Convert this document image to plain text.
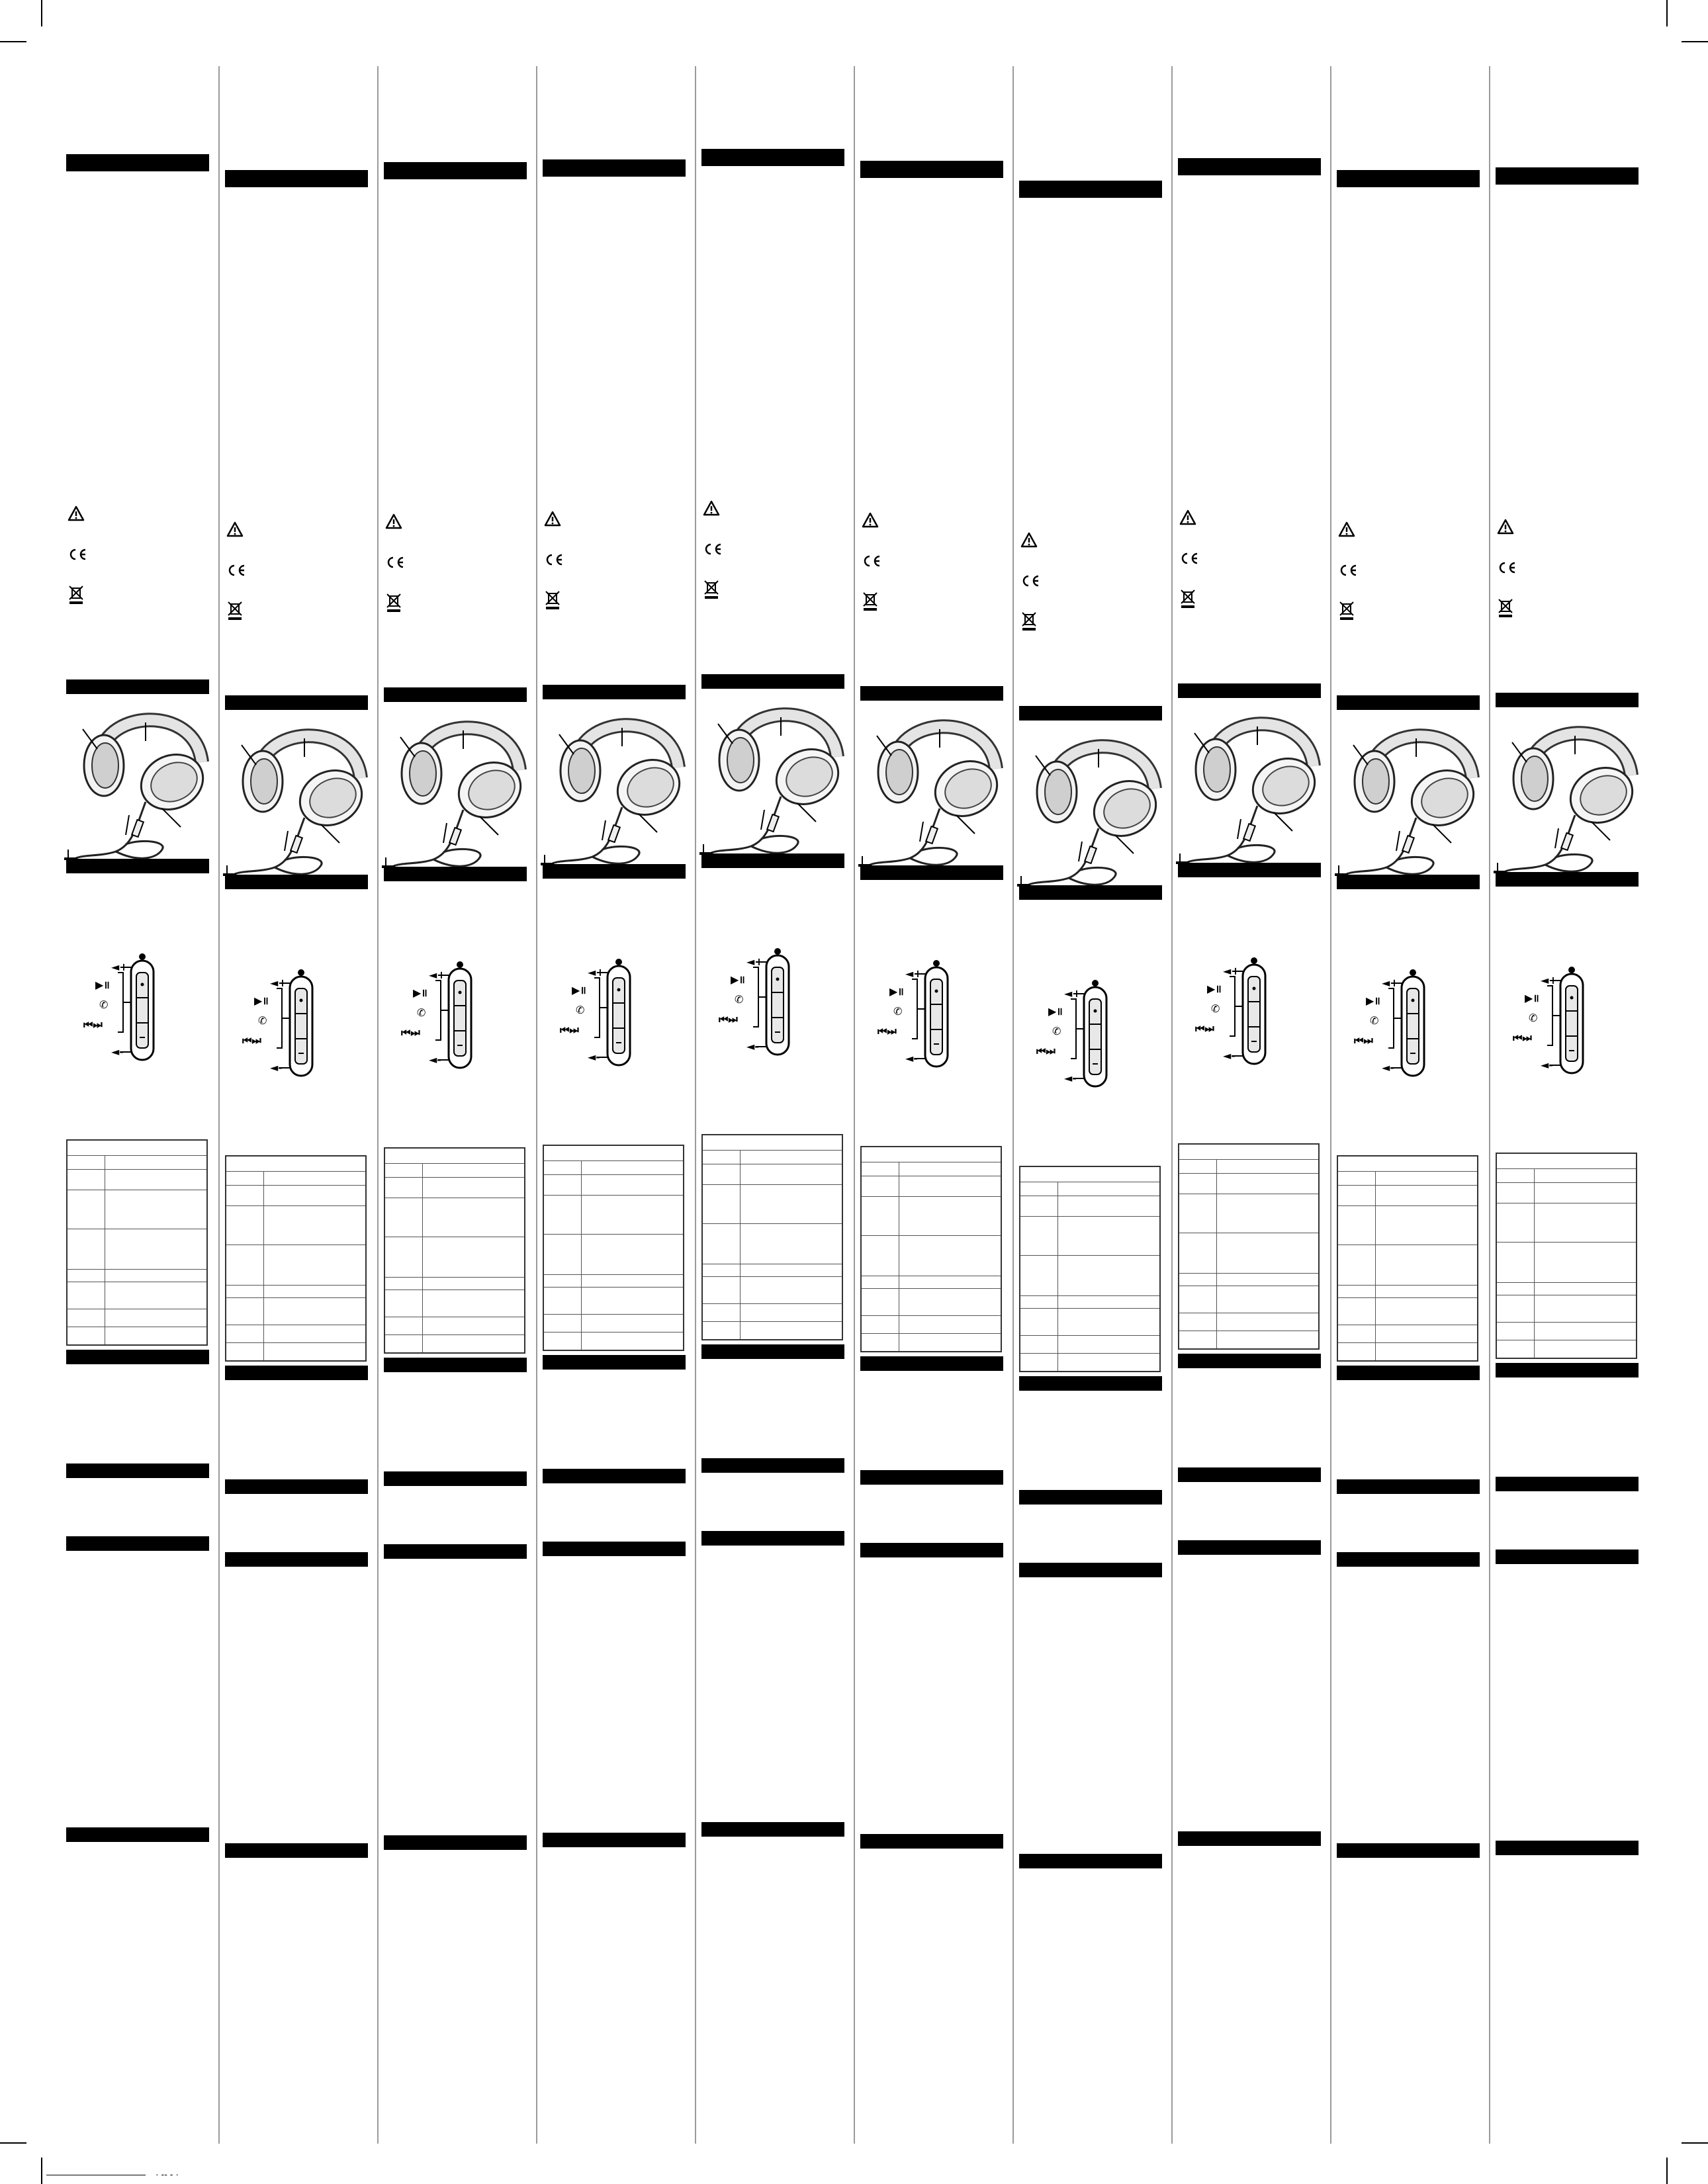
· -- - ·
◄+
▶॥
✆
⏮⏭
◄-
◄+
▶॥
✆
⏮⏭
◄-
◄+
▶॥
✆
⏮⏭
◄-
◄+
▶॥
✆
⏮⏭
◄-
◄+
▶॥
✆
⏮⏭
◄-
◄+
▶॥
✆
⏮⏭
◄-
◄+
▶॥
✆
⏮⏭
◄-
◄+
▶॥
✆
⏮⏭
◄-
◄+
▶॥
✆
⏮⏭
◄-
◄+
▶॥
✆
⏮⏭
◄-
